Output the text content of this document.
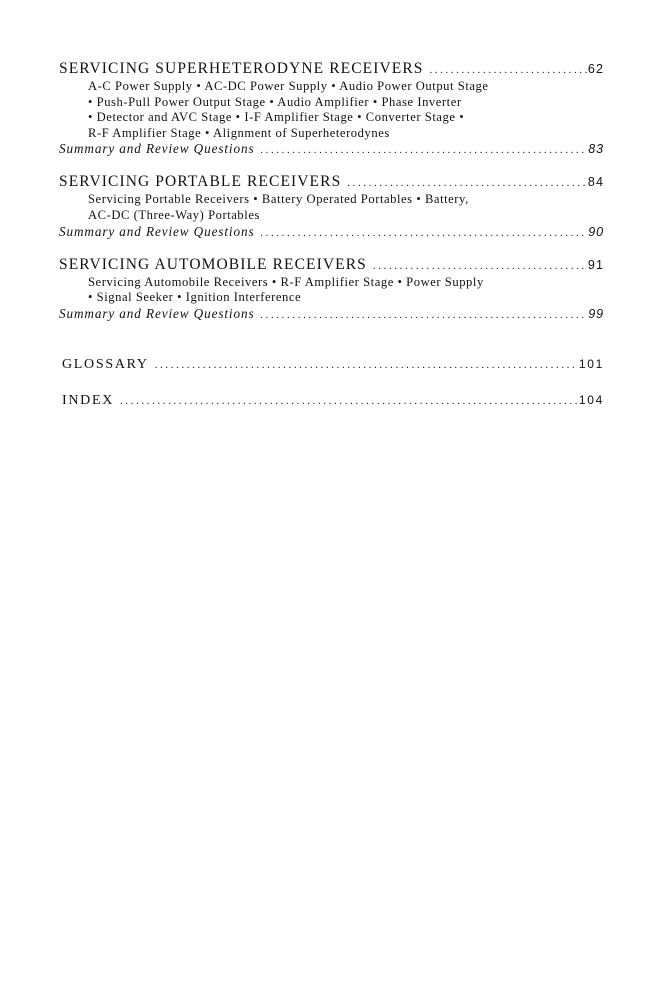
SERVICING SUPERHETERODYNE RECEIVERS .....	62
A-C Power Supply • AC-DC Power Supply • Audio Power Output Stage
• Push-Pull Power Output Stage • Audio Amplifier • Phase Inverter
• Detector and AVC Stage • I-F Amplifier Stage • Converter Stage •
R-F Amplifier Stage • Alignment of Superheterodynes
Summary and Review Questions .....	83
SERVICING PORTABLE RECEIVERS .....	84
Servicing Portable Receivers • Battery Operated Portables • Battery,
AC-DC (Three-Way) Portables
Summary and Review Questions .....	90
SERVICING AUTOMOBILE RECEIVERS .....	91
Servicing Automobile Receivers • R-F Amplifier Stage • Power Supply
• Signal Seeker • Ignition Interference
Summary and Review Questions .....	99
GLOSSARY .....	101
INDEX .....	104
